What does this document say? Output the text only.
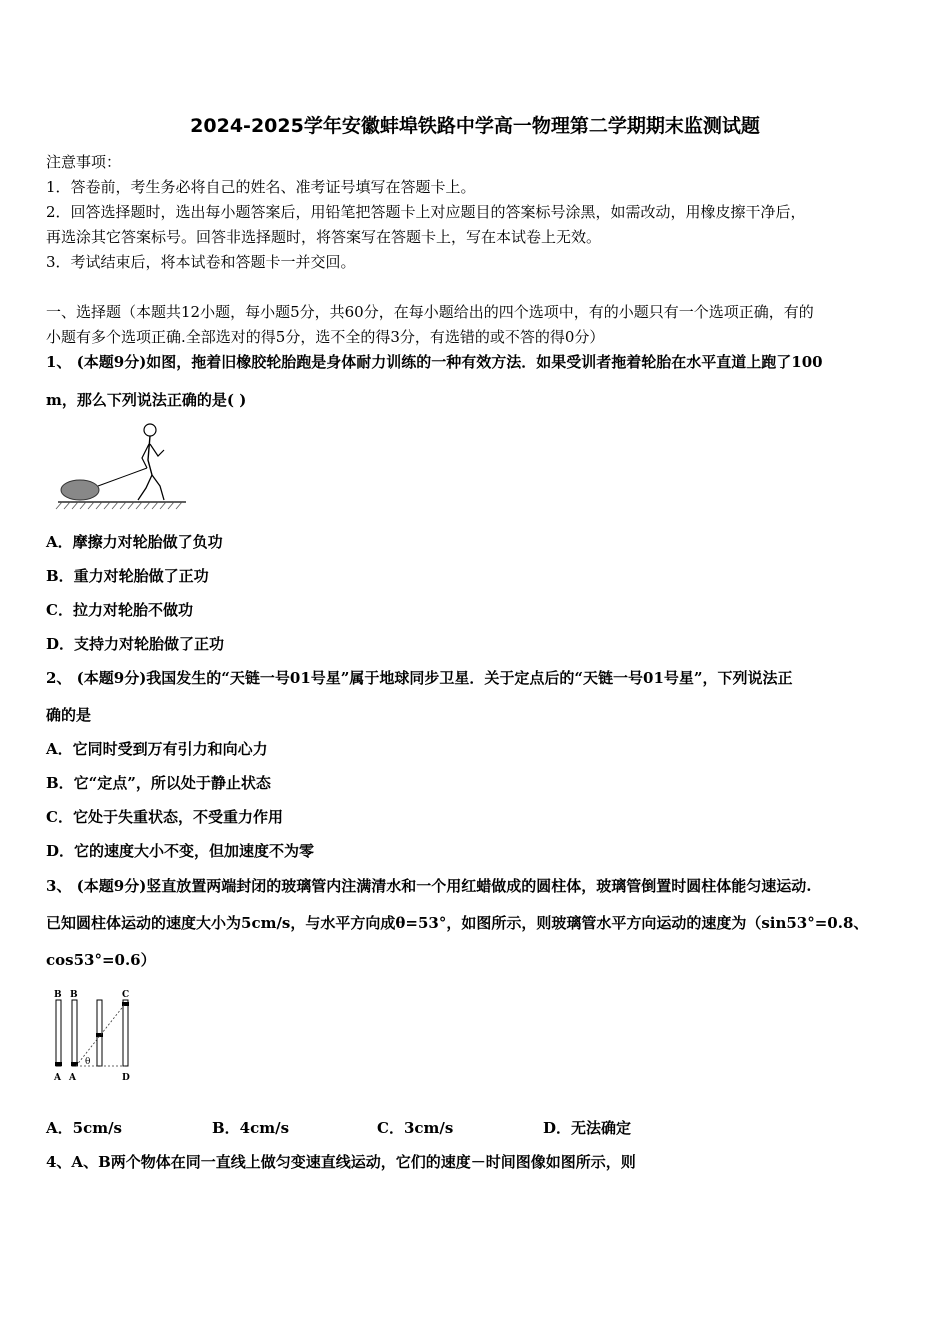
2024-2025学年安徽蚌埠铁路中学高一物理第二学期期末监测试题
注意事项：
1．答卷前，考生务必将自己的姓名、准考证号填写在答题卡上。
2．回答选择题时，选出每小题答案后，用铅笔把答题卡上对应题目的答案标号涂黑，如需改动，用橡皮擦干净后，
再选涂其它答案标号。回答非选择题时，将答案写在答题卡上，写在本试卷上无效。
3．考试结束后，将本试卷和答题卡一并交回。
一、选择题（本题共12小题，每小题5分，共60分，在每小题给出的四个选项中，有的小题只有一个选项正确，有的
小题有多个选项正确.全部选对的得5分，选不全的得3分，有选错的或不答的得0分）
1、 (本题9分)如图，拖着旧橡胶轮胎跑是身体耐力训练的一种有效方法．如果受训者拖着轮胎在水平直道上跑了100
m，那么下列说法正确的是( )
A．摩擦力对轮胎做了负功
B．重力对轮胎做了正功
C．拉力对轮胎不做功
D．支持力对轮胎做了正功
2、 (本题9分)我国发生的“天链一号01号星”属于地球同步卫星．关于定点后的“天链一号01号星”，下列说法正
确的是
A．它同时受到万有引力和向心力
B．它“定点”，所以处于静止状态
C．它处于失重状态，不受重力作用
D．它的速度大小不变，但加速度不为零
3、 (本题9分)竖直放置两端封闭的玻璃管内注满清水和一个用红蜡做成的圆柱体，玻璃管倒置时圆柱体能匀速运动.
已知圆柱体运动的速度大小为5cm/s，与水平方向成θ=53°，如图所示，则玻璃管水平方向运动的速度为（sin53°=0.8、
cos53°=0.6）
B B	C
A A	D
θ
A．5cm/s	B．4cm/s	C．3cm/s	D．无法确定
4、A、B两个物体在同一直线上做匀变速直线运动，它们的速度－时间图像如图所示，则
